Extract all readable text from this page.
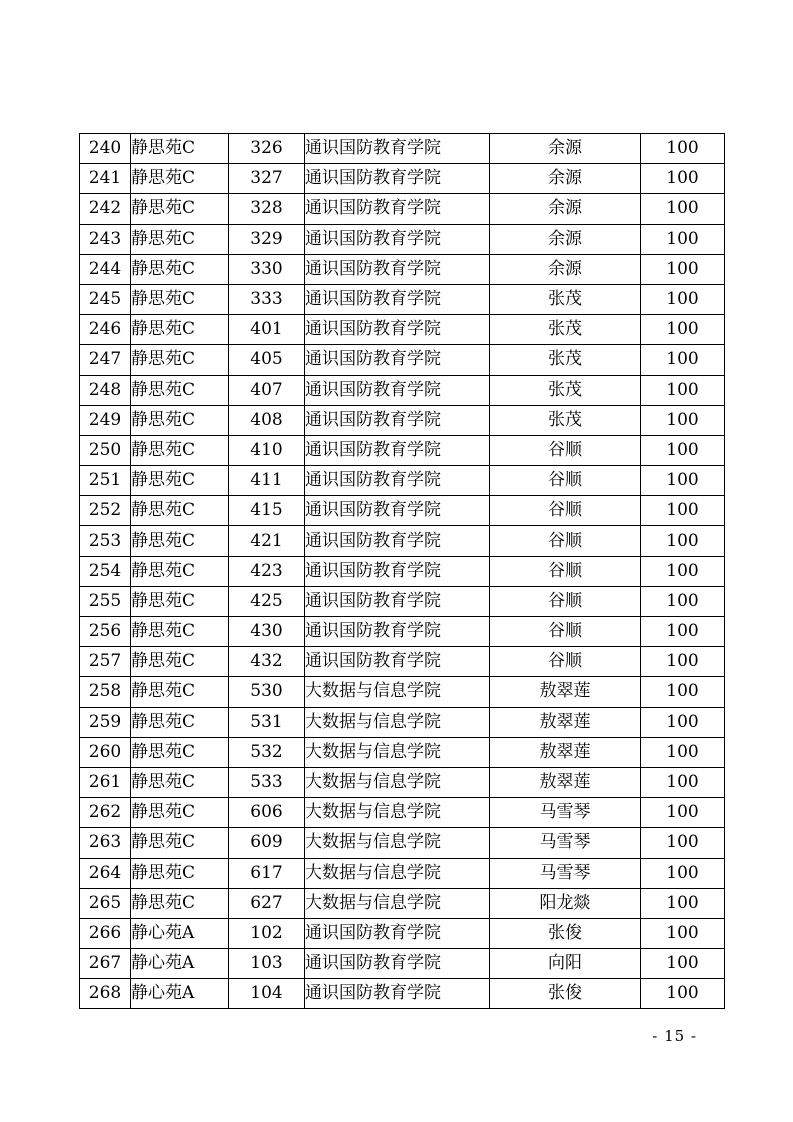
240	静思苑C	326	通识国防教育学院	余源	100
241	静思苑C	327	通识国防教育学院	余源	100
242	静思苑C	328	通识国防教育学院	余源	100
243	静思苑C	329	通识国防教育学院	余源	100
244	静思苑C	330	通识国防教育学院	余源	100
245	静思苑C	333	通识国防教育学院	张茂	100
246	静思苑C	401	通识国防教育学院	张茂	100
247	静思苑C	405	通识国防教育学院	张茂	100
248	静思苑C	407	通识国防教育学院	张茂	100
249	静思苑C	408	通识国防教育学院	张茂	100
250	静思苑C	410	通识国防教育学院	谷顺	100
251	静思苑C	411	通识国防教育学院	谷顺	100
252	静思苑C	415	通识国防教育学院	谷顺	100
253	静思苑C	421	通识国防教育学院	谷顺	100
254	静思苑C	423	通识国防教育学院	谷顺	100
255	静思苑C	425	通识国防教育学院	谷顺	100
256	静思苑C	430	通识国防教育学院	谷顺	100
257	静思苑C	432	通识国防教育学院	谷顺	100
258	静思苑C	530	大数据与信息学院	敖翠莲	100
259	静思苑C	531	大数据与信息学院	敖翠莲	100
260	静思苑C	532	大数据与信息学院	敖翠莲	100
261	静思苑C	533	大数据与信息学院	敖翠莲	100
262	静思苑C	606	大数据与信息学院	马雪琴	100
263	静思苑C	609	大数据与信息学院	马雪琴	100
264	静思苑C	617	大数据与信息学院	马雪琴	100
265	静思苑C	627	大数据与信息学院	阳龙燚	100
266	静心苑A	102	通识国防教育学院	张俊	100
267	静心苑A	103	通识国防教育学院	向阳	100
268	静心苑A	104	通识国防教育学院	张俊	100
- 15 -
